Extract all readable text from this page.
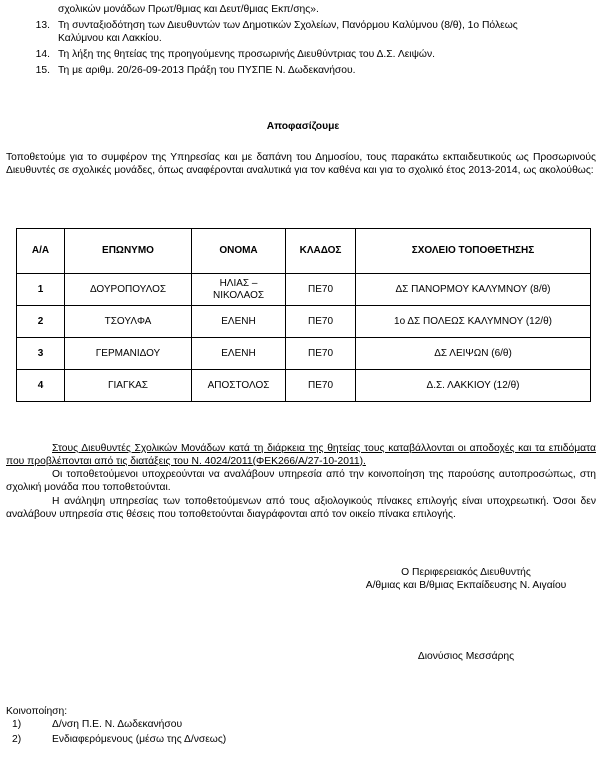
σχολικών μονάδων Πρωτ/θμιας και Δευτ/θμιας Εκπ/σης».
13. Τη συνταξιοδότηση των Διευθυντών των Δημοτικών Σχολείων, Πανόρμου Καλύμνου (8/θ), 1ο Πόλεως
Καλύμνου και Λακκίου.
14. Τη λήξη της θητείας της προηγούμενης προσωρινής Διευθύντριας του Δ.Σ. Λειψών.
15. Τη με αριθμ. 20/26-09-2013 Πράξη του ΠΥΣΠΕ Ν. Δωδεκανήσου.
Αποφασίζουμε
Τοποθετούμε για το συμφέρον της Υπηρεσίας και με δαπάνη του Δημοσίου, τους παρακάτω εκπαιδευτικούς ως Προσωρινούς Διευθυντές σε σχολικές μονάδες, όπως αναφέρονται αναλυτικά για τον καθένα και για το σχολικό έτος 2013-2014, ως ακολούθως:
Α/Α	ΕΠΩΝΥΜΟ	ΟΝΟΜΑ	ΚΛΑΔΟΣ	ΣΧΟΛΕΙΟ ΤΟΠΟΘΕΤΗΣΗΣ
1	ΔΟΥΡΟΠΟΥΛΟΣ	ΗΛΙΑΣ – ΝΙΚΟΛΑΟΣ	ΠΕ70	ΔΣ ΠΑΝΟΡΜΟΥ ΚΑΛΥΜΝΟΥ (8/θ)
2	ΤΣΟΥΛΦΑ	ΕΛΕΝΗ	ΠΕ70	1ο ΔΣ ΠΟΛΕΩΣ ΚΑΛΥΜΝΟΥ (12/θ)
3	ΓΕΡΜΑΝΙΔΟΥ	ΕΛΕΝΗ	ΠΕ70	ΔΣ ΛΕΙΨΩΝ (6/θ)
4	ΓΙΑΓΚΑΣ	ΑΠΟΣΤΟΛΟΣ	ΠΕ70	Δ.Σ. ΛΑΚΚΙΟΥ (12/θ)
Στους Διευθυντές Σχολικών Μονάδων κατά τη διάρκεια της θητείας τους καταβάλλονται οι αποδοχές και τα επιδόματα που προβλέπονται από τις διατάξεις του Ν. 4024/2011(ΦΕΚ266/Α/27-10-2011).
Οι τοποθετούμενοι υποχρεούνται να αναλάβουν υπηρεσία από την κοινοποίηση της παρούσης αυτοπροσώπως, στη σχολική μονάδα που τοποθετούνται.
Η ανάληψη υπηρεσίας των τοποθετούμενων από τους αξιολογικούς πίνακες επιλογής είναι υποχρεωτική. Όσοι δεν αναλάβουν υπηρεσία στις θέσεις που τοποθετούνται διαγράφονται από τον οικείο πίνακα επιλογής.
Ο Περιφερειακός Διευθυντής
Α/θμιας και Β/θμιας Εκπαίδευσης Ν. Αιγαίου
Διονύσιος Μεσσάρης
Κοινοποίηση:
1)	Δ/νση Π.Ε. Ν. Δωδεκανήσου
2)	Ενδιαφερόμενους (μέσω της Δ/νσεως)
